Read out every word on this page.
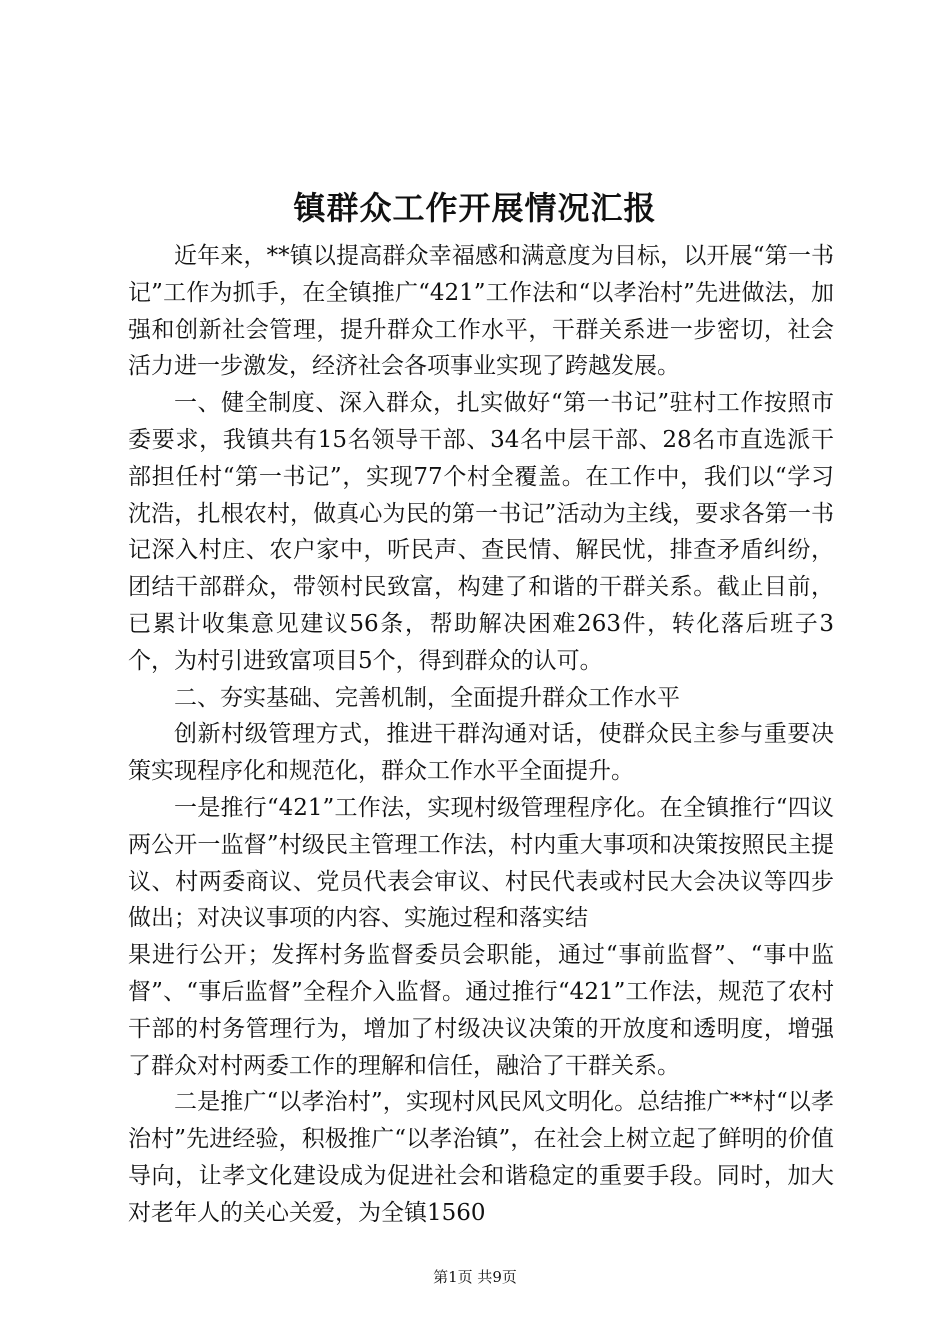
镇群众工作开展情况汇报

近年来，**镇以提高群众幸福感和满意度为目标，以开展“第一书记”工作为抓手，在全镇推广“421”工作法和“以孝治村”先进做法，加强和创新社会管理，提升群众工作水平，干群关系进一步密切，社会活力进一步激发，经济社会各项事业实现了跨越发展。

一、健全制度、深入群众，扎实做好“第一书记”驻村工作按照市委要求，我镇共有15名领导干部、34名中层干部、28名市直选派干部担任村“第一书记”，实现77个村全覆盖。在工作中，我们以“学习沈浩，扎根农村，做真心为民的第一书记”活动为主线，要求各第一书记深入村庄、农户家中，听民声、查民情、解民忧，排查矛盾纠纷，团结干部群众，带领村民致富，构建了和谐的干群关系。截止目前，已累计收集意见建议56条，帮助解决困难263件，转化落后班子3个，为村引进致富项目5个，得到群众的认可。

二、夯实基础、完善机制，全面提升群众工作水平

创新村级管理方式，推进干群沟通对话，使群众民主参与重要决策实现程序化和规范化，群众工作水平全面提升。

一是推行“421”工作法，实现村级管理程序化。在全镇推行“四议两公开一监督”村级民主管理工作法，村内重大事项和决策按照民主提议、村两委商议、党员代表会审议、村民代表或村民大会决议等四步做出；对决议事项的内容、实施过程和落实结

果进行公开；发挥村务监督委员会职能，通过“事前监督”、“事中监督”、“事后监督”全程介入监督。通过推行“421”工作法，规范了农村干部的村务管理行为，增加了村级决议决策的开放度和透明度，增强了群众对村两委工作的理解和信任，融洽了干群关系。

二是推广“以孝治村”，实现村风民风文明化。总结推广**村“以孝治村”先进经验，积极推广“以孝治镇”，在社会上树立起了鲜明的价值导向，让孝文化建设成为促进社会和谐稳定的重要手段。同时，加大对老年人的关心关爱，为全镇1560

第1页 共9页
